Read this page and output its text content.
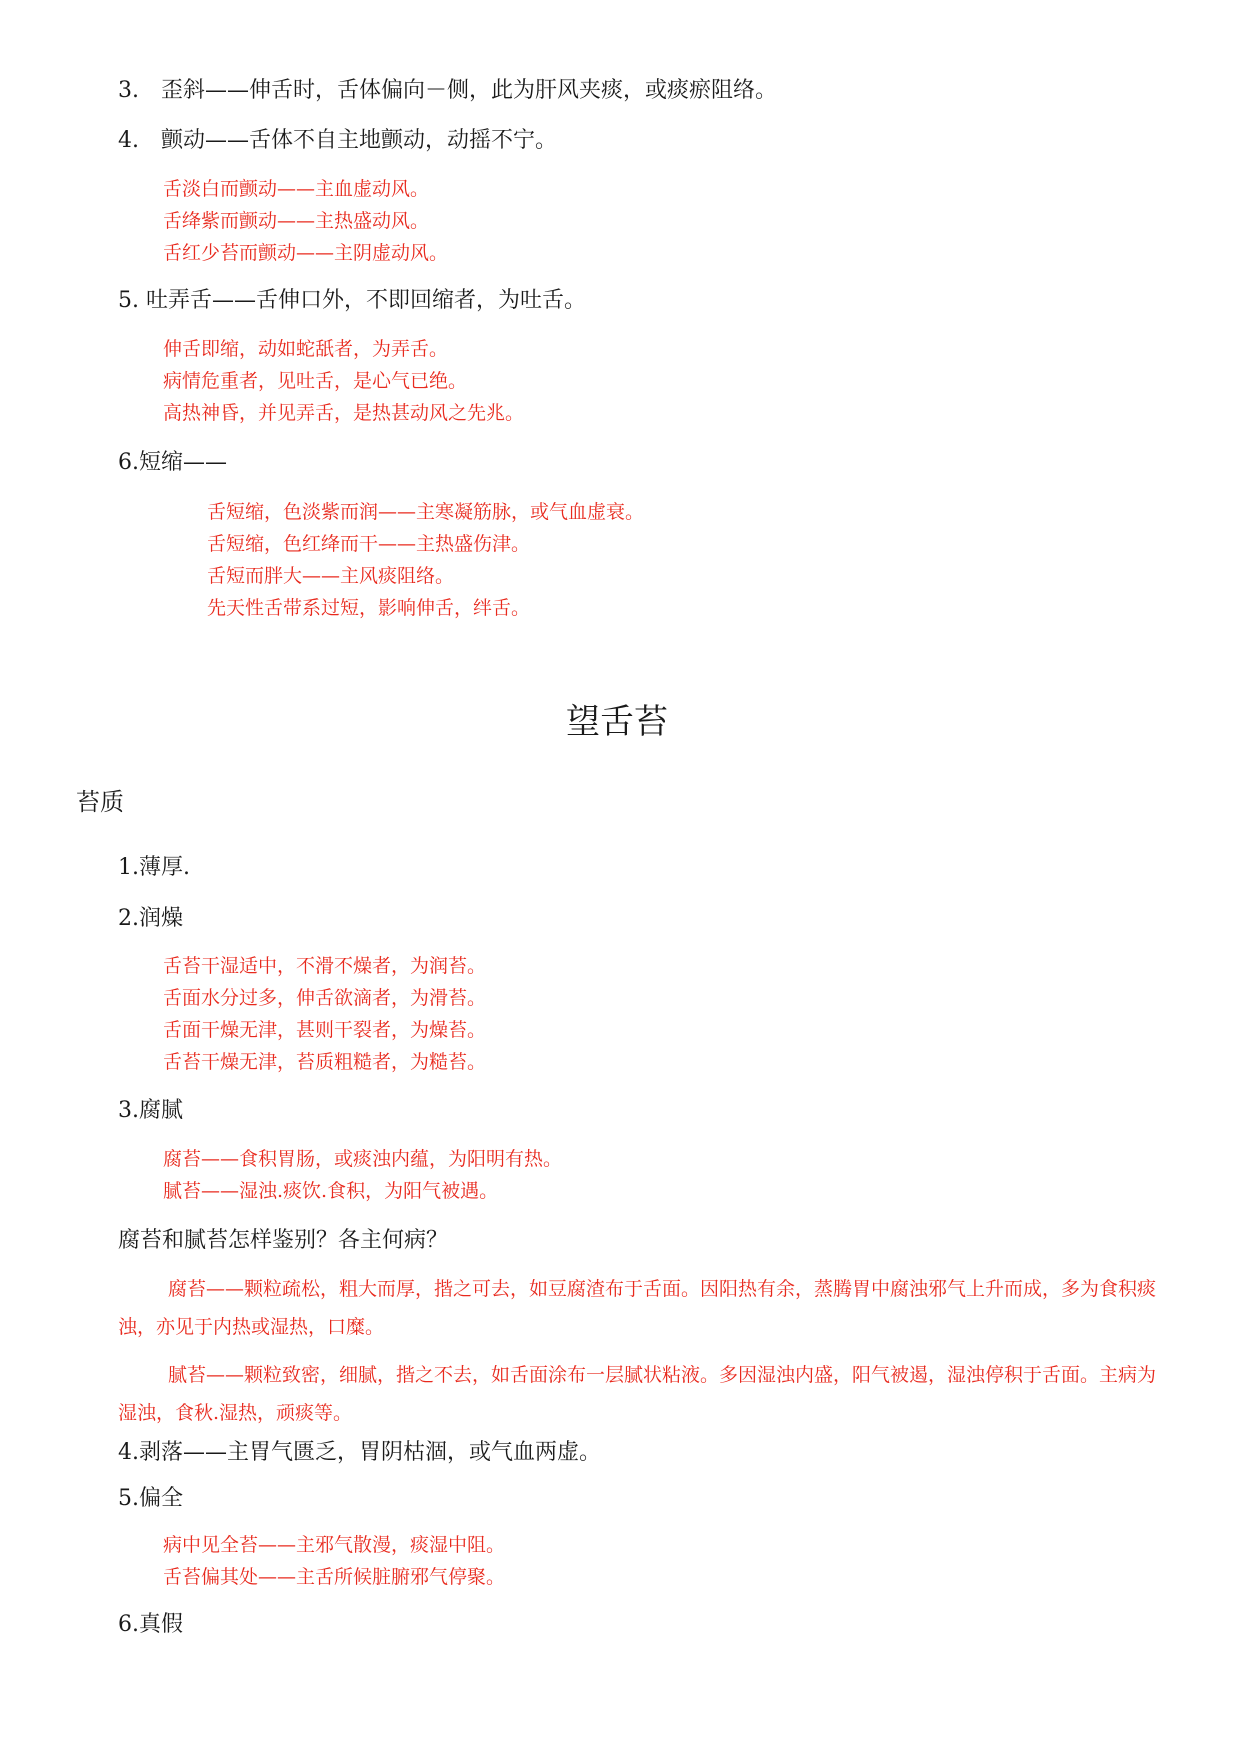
3.　歪斜——伸舌时，舌体偏向－侧，此为肝风夹痰，或痰瘀阻络。
4.　颤动——舌体不自主地颤动，动摇不宁。
舌淡白而颤动——主血虚动风。
舌绛紫而颤动——主热盛动风。
舌红少苔而颤动——主阴虚动风。
5. 吐弄舌——舌伸口外，不即回缩者，为吐舌。
伸舌即缩，动如蛇舐者，为弄舌。
病情危重者，见吐舌，是心气已绝。
高热神昏，并见弄舌，是热甚动风之先兆。
6.短缩——
舌短缩，色淡紫而润——主寒凝筋脉，或气血虚衰。
舌短缩，色红绛而干——主热盛伤津。
舌短而胖大——主风痰阻络。
先天性舌带系过短，影响伸舌，绊舌。
望舌苔
苔质
1.薄厚.
2.润燥
舌苔干湿适中，不滑不燥者，为润苔。
舌面水分过多，伸舌欲滴者，为滑苔。
舌面干燥无津，甚则干裂者，为燥苔。
舌苔干燥无津，苔质粗糙者，为糙苔。
3.腐腻
腐苔——食积胃肠，或痰浊内蕴，为阳明有热。
腻苔——湿浊.痰饮.食积，为阳气被遇。
腐苔和腻苔怎样鉴别？各主何病？
腐苔——颗粒疏松，粗大而厚，揩之可去，如豆腐渣布于舌面。因阳热有余，蒸腾胃中腐浊邪气上升而成，多为食积痰浊，亦见于内热或湿热，口糜。
腻苔——颗粒致密，细腻，揩之不去，如舌面涂布一层腻状粘液。多因湿浊内盛，阳气被遏，湿浊停积于舌面。主病为湿浊，食秋.湿热，顽痰等。
4.剥落——主胃气匮乏，胃阴枯涸，或气血两虚。
5.偏全
病中见全苔——主邪气散漫，痰湿中阻。
舌苔偏其处——主舌所候脏腑邪气停聚。
6.真假
